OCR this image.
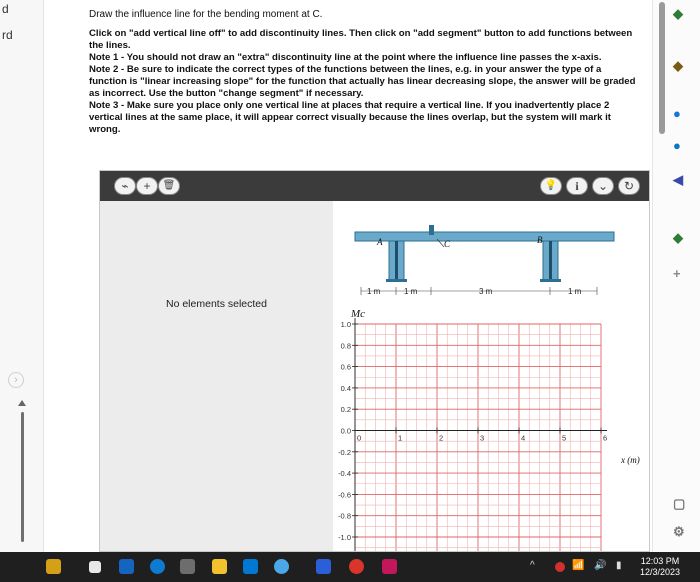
d
rd
›
Draw the influence line for the bending moment at C.
Click on "add vertical line off" to add discontinuity lines. Then click on "add segment" button to add functions between the lines.
Note 1 - You should not draw an "extra" discontinuity line at the point where the influence line passes the x-axis.
Note 2 - Be sure to indicate the correct types of the functions between the lines, e.g. in your answer the type of a function is "linear increasing slope" for the function that actually has linear decreasing slope, the answer will be graded as incorrect. Use the button "change segment" if necessary.
Note 3 - Make sure you place only one vertical line at places that require a vertical line. If you inadvertently place 2 vertical lines at the same place, it will appear correct visually because the lines overlap, but the system will mark it wrong.
⌁	+	🗑	💡	i	⌄	↻
No elements selected
A	C	B
1 m	1 m	3 m	1 m
Mc
1.0
0.8
0.6
0.4
0.2
0.0
-0.2
-0.4
-0.6
-0.8
-1.0
0	1	2	3	4	5	6
x (m)
◆
◆
●
●
◀
◆
+
▢
⚙
^	📶 🔊 ▮ 12:03 PM
12/3/2023
